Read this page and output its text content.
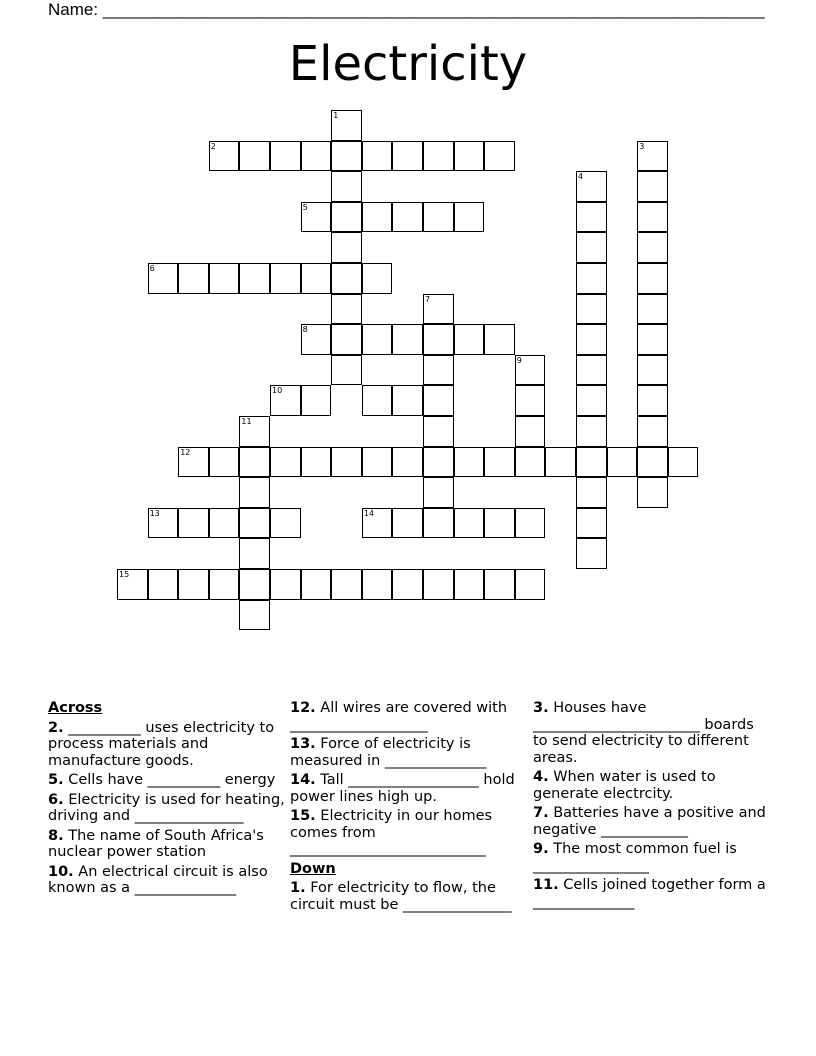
Name: ______________________________________________________________________
Electricity
1
2	3
4
5
6
7
8
9
10
11
12
13	14
15
Across
2. __________ uses electricity to process materials and manufacture goods.
5. Cells have __________ energy
6. Electricity is used for heating, driving and _______________
8. The name of South Africa's nuclear power station
10. An electrical circuit is also known as a ______________
12. All wires are covered with ___________________
13. Force of electricity is measured in ______________
14. Tall __________________ hold power lines high up.
15. Electricity in our homes comes from ___________________________
Down
1. For electricity to flow, the circuit must be _______________
3. Houses have _______________________ boards to send electricity to different areas.
4. When water is used to generate electrcity.
7. Batteries have a positive and negative ____________
9. The most common fuel is ________________
11. Cells joined together form a ______________
